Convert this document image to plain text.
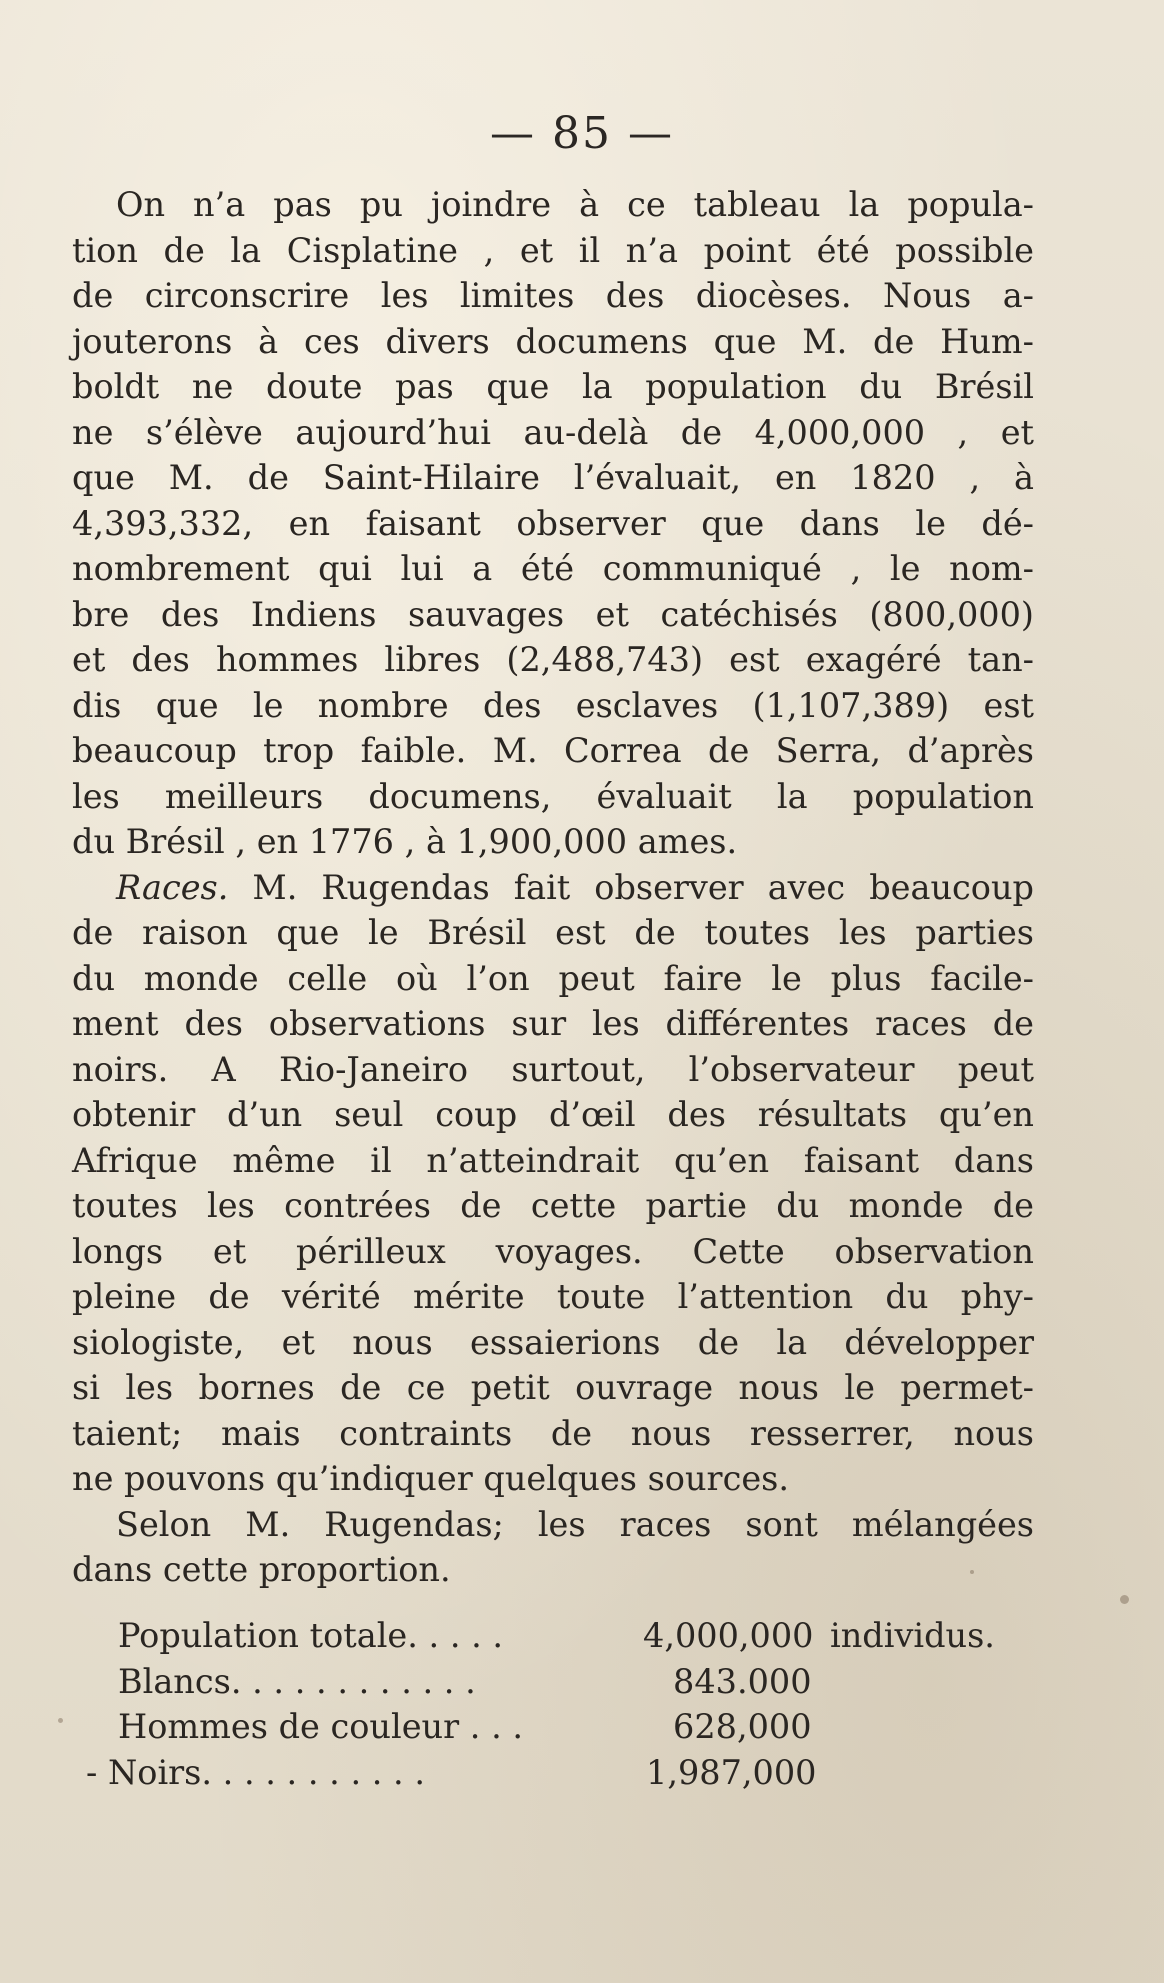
— 85 —
On n’a pas pu joindre à ce tableau la popula-
tion de la Cisplatine , et il n’a point été possible
de circonscrire les limites des diocèses. Nous a-
jouterons à ces divers documens que M. de Hum-
boldt ne doute pas que la population du Brésil
ne s’élève aujourd’hui au-delà de 4,000,000 , et
que M. de Saint-Hilaire l’évaluait, en 1820 , à
4,393,332, en faisant observer que dans le dé-
nombrement qui lui a été communiqué , le nom-
bre des Indiens sauvages et catéchisés (800,000)
et des hommes libres (2,488,743) est exagéré tan-
dis que le nombre des esclaves (1,107,389) est
beaucoup trop faible. M. Correa de Serra, d’après
les meilleurs documens, évaluait la population
du Brésil , en 1776 , à 1,900,000 ames.
Races. M. Rugendas fait observer avec beaucoup
de raison que le Brésil est de toutes les parties
du monde celle où l’on peut faire le plus facile-
ment des observations sur les différentes races de
noirs. A Rio-Janeiro surtout, l’observateur peut
obtenir d’un seul coup d’œil des résultats qu’en
Afrique même il n’atteindrait qu’en faisant dans
toutes les contrées de cette partie du monde de
longs et périlleux voyages. Cette observation
pleine de vérité mérite toute l’attention du phy-
siologiste, et nous essaierions de la développer
si les bornes de ce petit ouvrage nous le permet-
taient; mais contraints de nous resserrer, nous
ne pouvons qu’indiquer quelques sources.
Selon M. Rugendas; les races sont mélangées
dans cette proportion.
Population totale. . . . .	4,000,000 individus.
Blancs. . . . . . . . . . . .	843.000
Hommes de couleur . . .	628,000
- Noirs. . . . . . . . . . .	1,987,000
